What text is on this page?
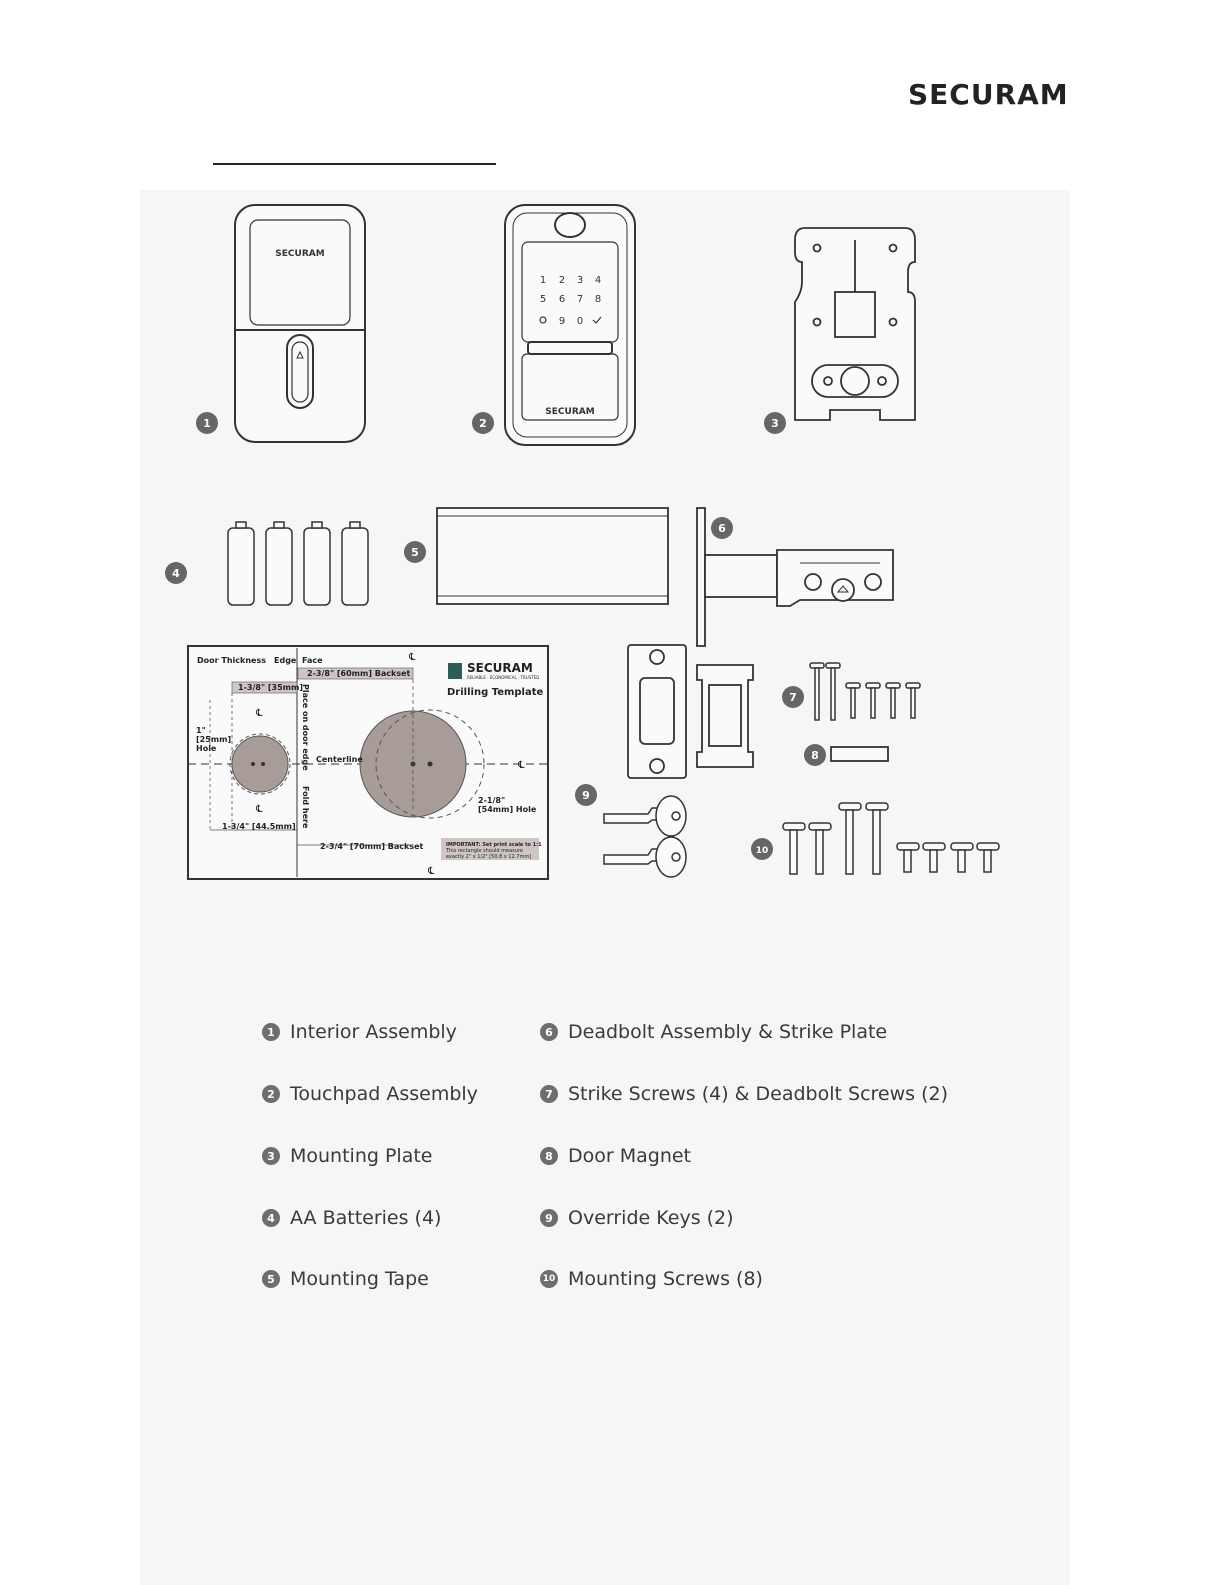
SECURAM
SECURAM
1 2 3 4
5 6 7 8
9 0
SECURAM
Door Thickness Edge Face
2-3/8" [60mm] Backset
1-3/8" [35mm]
Place on door edge
1"
[25mm]
Hole
Centerline
Fold here
1-3/4" [44.5mm]
2-1/8"
[54mm] Hole
2-3/4" [70mm] Backset	IMPORTANT: Set print scale to 1:1
This rectangle should measure
exactly 2" x 1/2" [50.8 x 12.7mm]
SECURAM
RELIABLE · ECONOMICAL · TRUSTED
Drilling Template
℄
℄
℄
℄
℄
1	2	3
4
5
6
7
8
9
10
1 Interior Assembly
2 Touchpad Assembly
3 Mounting Plate
4 AA Batteries (4)
5 Mounting Tape
6 Deadbolt Assembly & Strike Plate
7 Strike Screws (4) & Deadbolt Screws (2)
8 Door Magnet
9 Override Keys (2)
10 Mounting Screws (8)
